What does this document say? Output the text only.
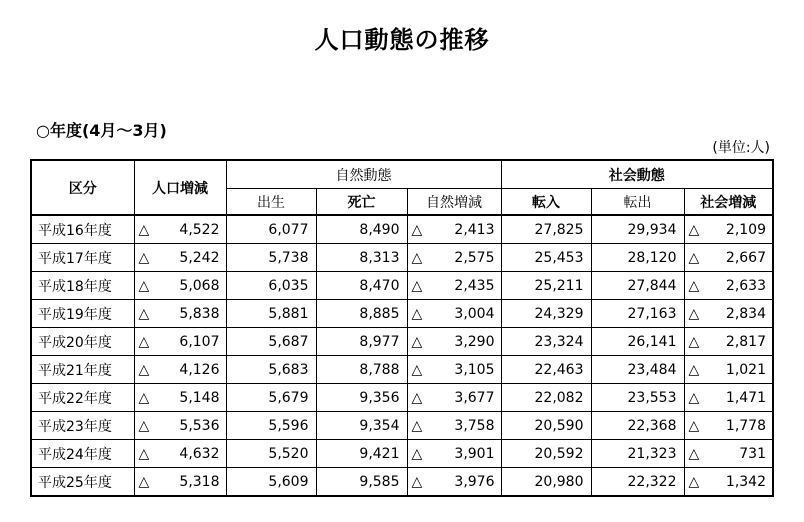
人口動態の推移
○年度(4月～3月)
(単位:人)
区分	人口増減	自然動態			社会動態		
		出生	死亡	自然増減	転入	転出	社会増減
平成16年度	△ 4,522	6,077	8,490	△ 2,413	27,825	29,934	△ 2,109

平成17年度	△ 5,242	5,738	8,313	△ 2,575	25,453	28,120	△ 2,667

平成18年度	△ 5,068	6,035	8,470	△ 2,435	25,211	27,844	△ 2,633

平成19年度	△ 5,838	5,881	8,885	△ 3,004	24,329	27,163	△ 2,834

平成20年度	△ 6,107	5,687	8,977	△ 3,290	23,324	26,141	△ 2,817

平成21年度	△ 4,126	5,683	8,788	△ 3,105	22,463	23,484	△ 1,021

平成22年度	△ 5,148	5,679	9,356	△ 3,677	22,082	23,553	△ 1,471

平成23年度	△ 5,536	5,596	9,354	△ 3,758	20,590	22,368	△ 1,778

平成24年度	△ 4,632	5,520	9,421	△ 3,901	20,592	21,323	△ 731

平成25年度	△ 5,318	5,609	9,585	△ 3,976	20,980	22,322	△ 1,342
